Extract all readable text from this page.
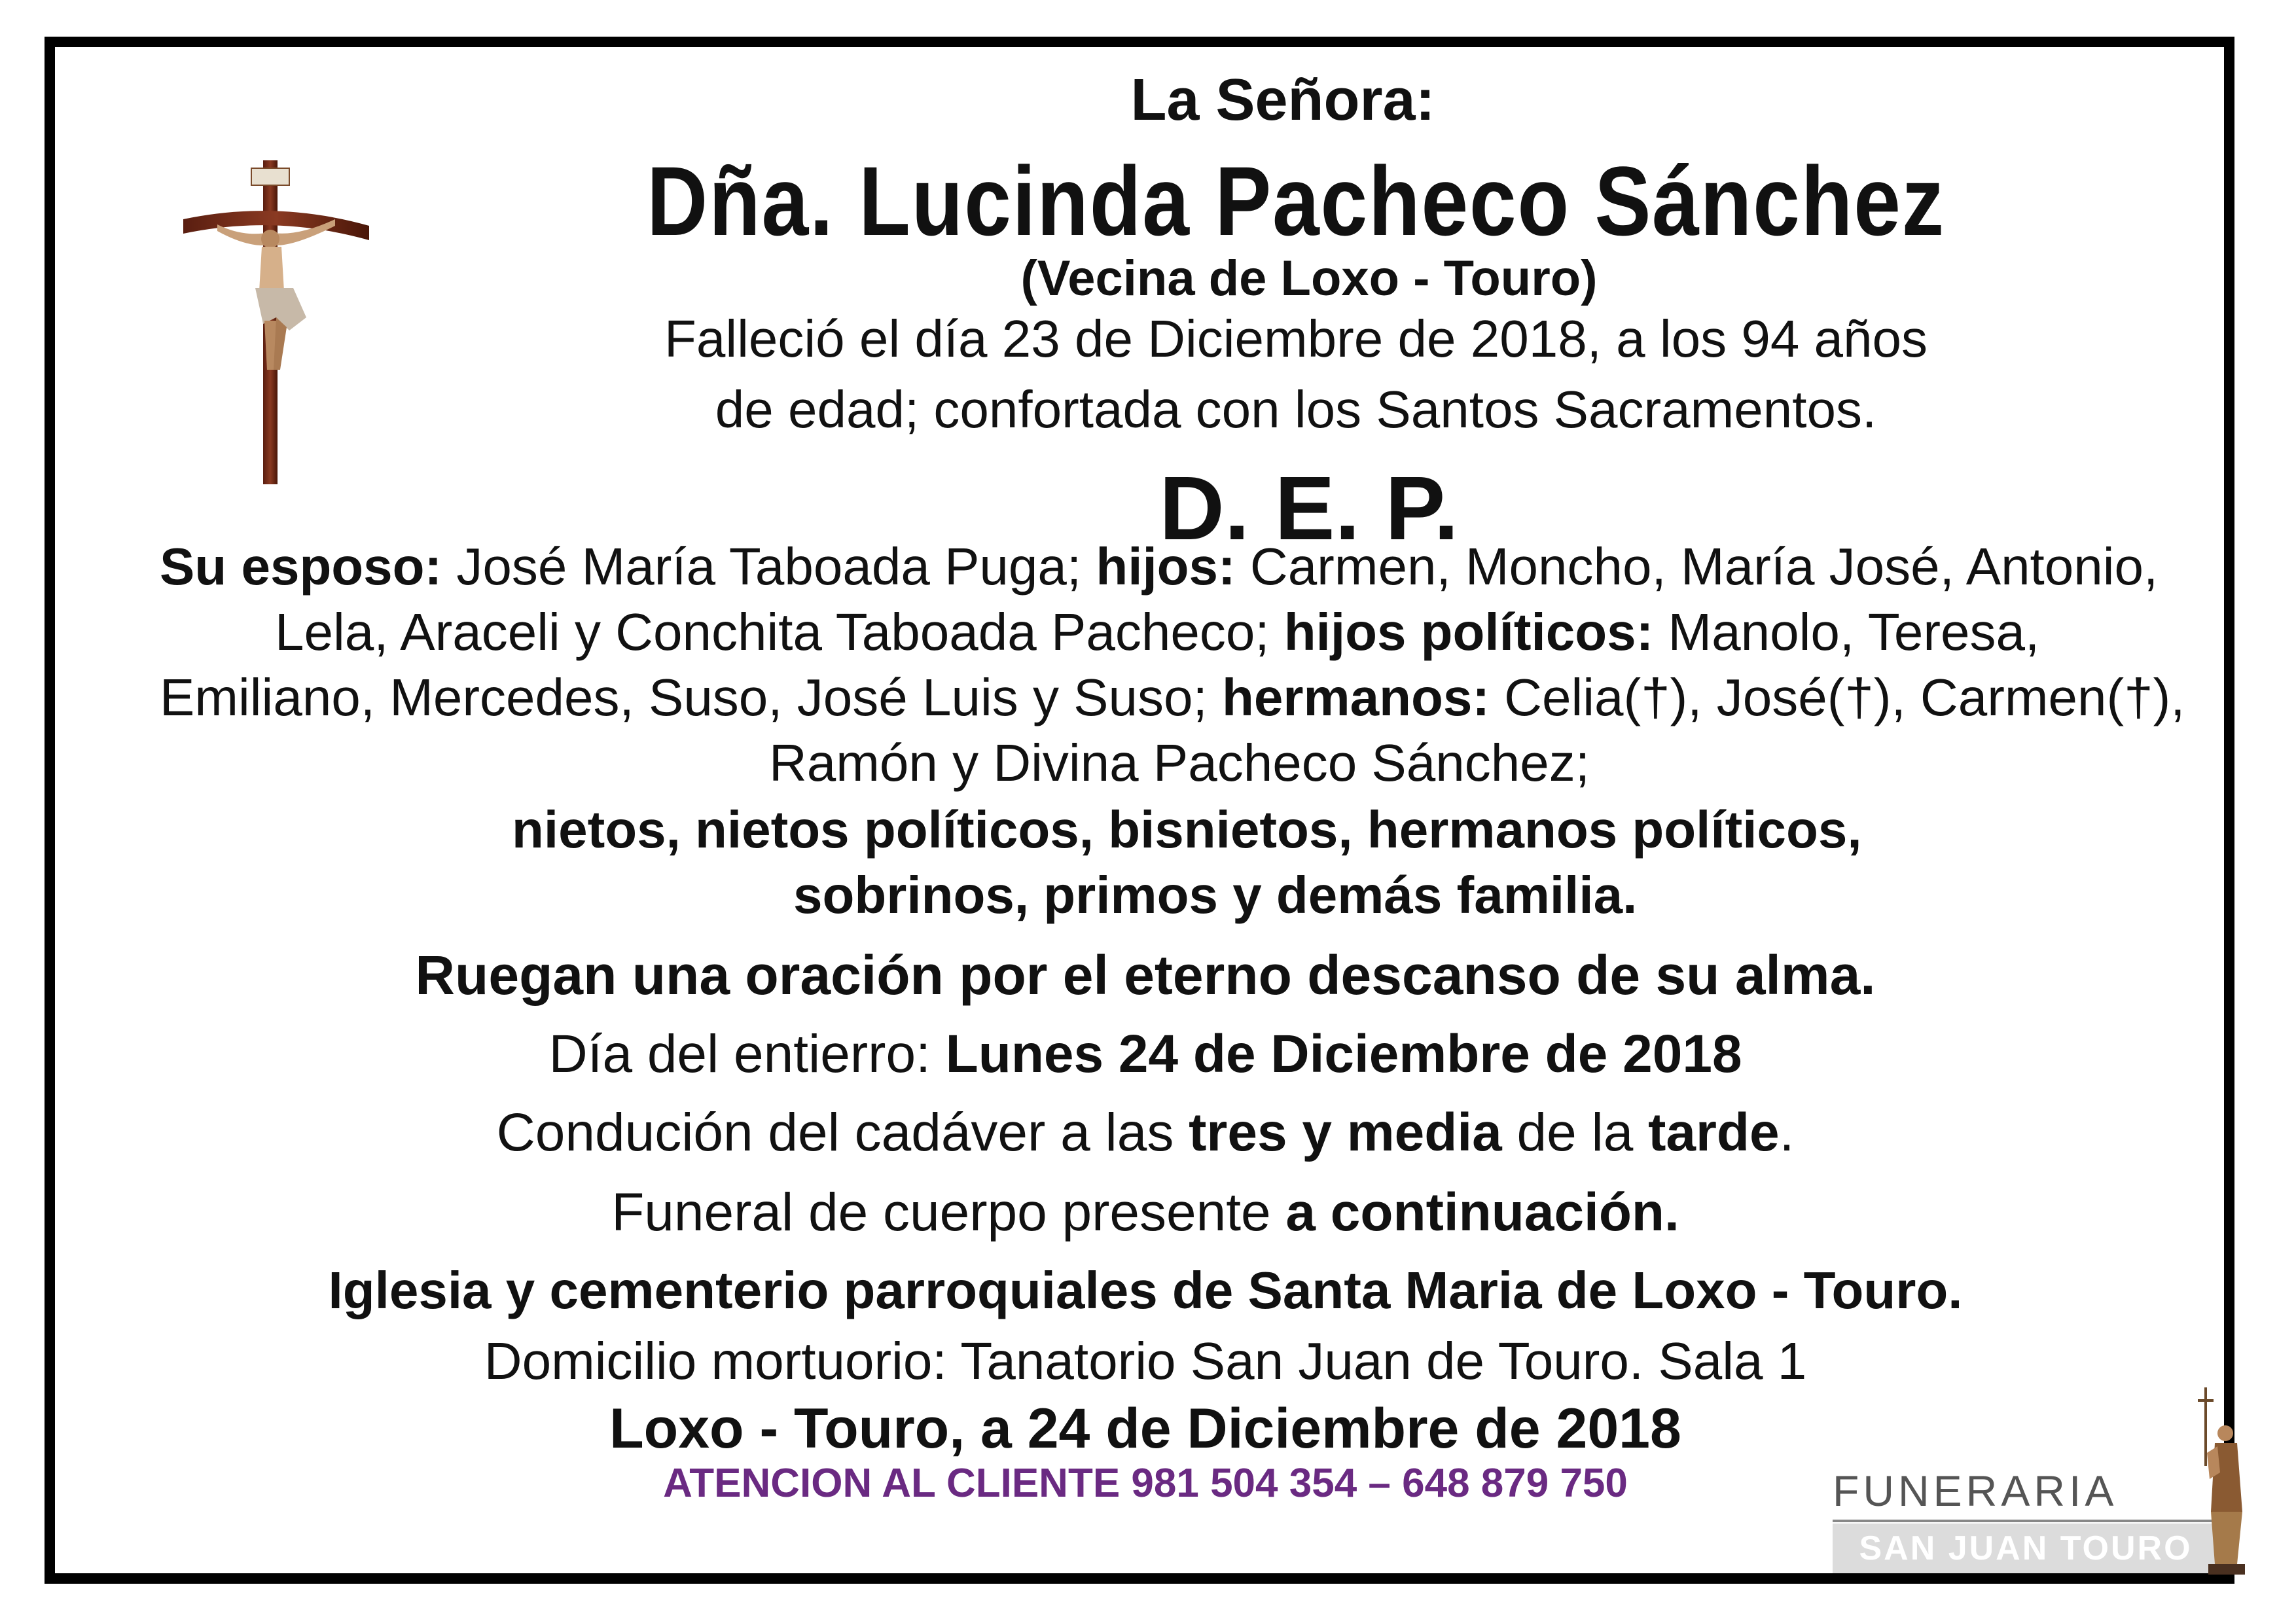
La Señora:
Dña. Lucinda Pacheco Sánchez
(Vecina de Loxo - Touro)
Falleció el día 23 de Diciembre de 2018, a los 94 años
de edad; confortada con los Santos Sacramentos.
D. E. P.
Su esposo: José María Taboada Puga; hijos: Carmen, Moncho, María José, Antonio,
Lela, Araceli y Conchita Taboada Pacheco; hijos políticos: Manolo, Teresa,
Emiliano, Mercedes, Suso, José Luis y Suso; hermanos: Celia(†), José(†), Carmen(†),
Ramón y Divina Pacheco Sánchez;
nietos, nietos políticos, bisnietos, hermanos políticos,
sobrinos, primos y demás familia.
Ruegan una oración por el eterno descanso de su alma.
Día del entierro: Lunes 24 de Diciembre de 2018
Condución del cadáver a las tres y media de la tarde.
Funeral de cuerpo presente a continuación.
Iglesia y cementerio parroquiales de Santa Maria de Loxo - Touro.
Domicilio mortuorio: Tanatorio San Juan de Touro. Sala 1
Loxo - Touro, a 24 de Diciembre de 2018
ATENCION AL CLIENTE 981 504 354 – 648 879 750	FUNERARIA
SAN JUAN TOURO
